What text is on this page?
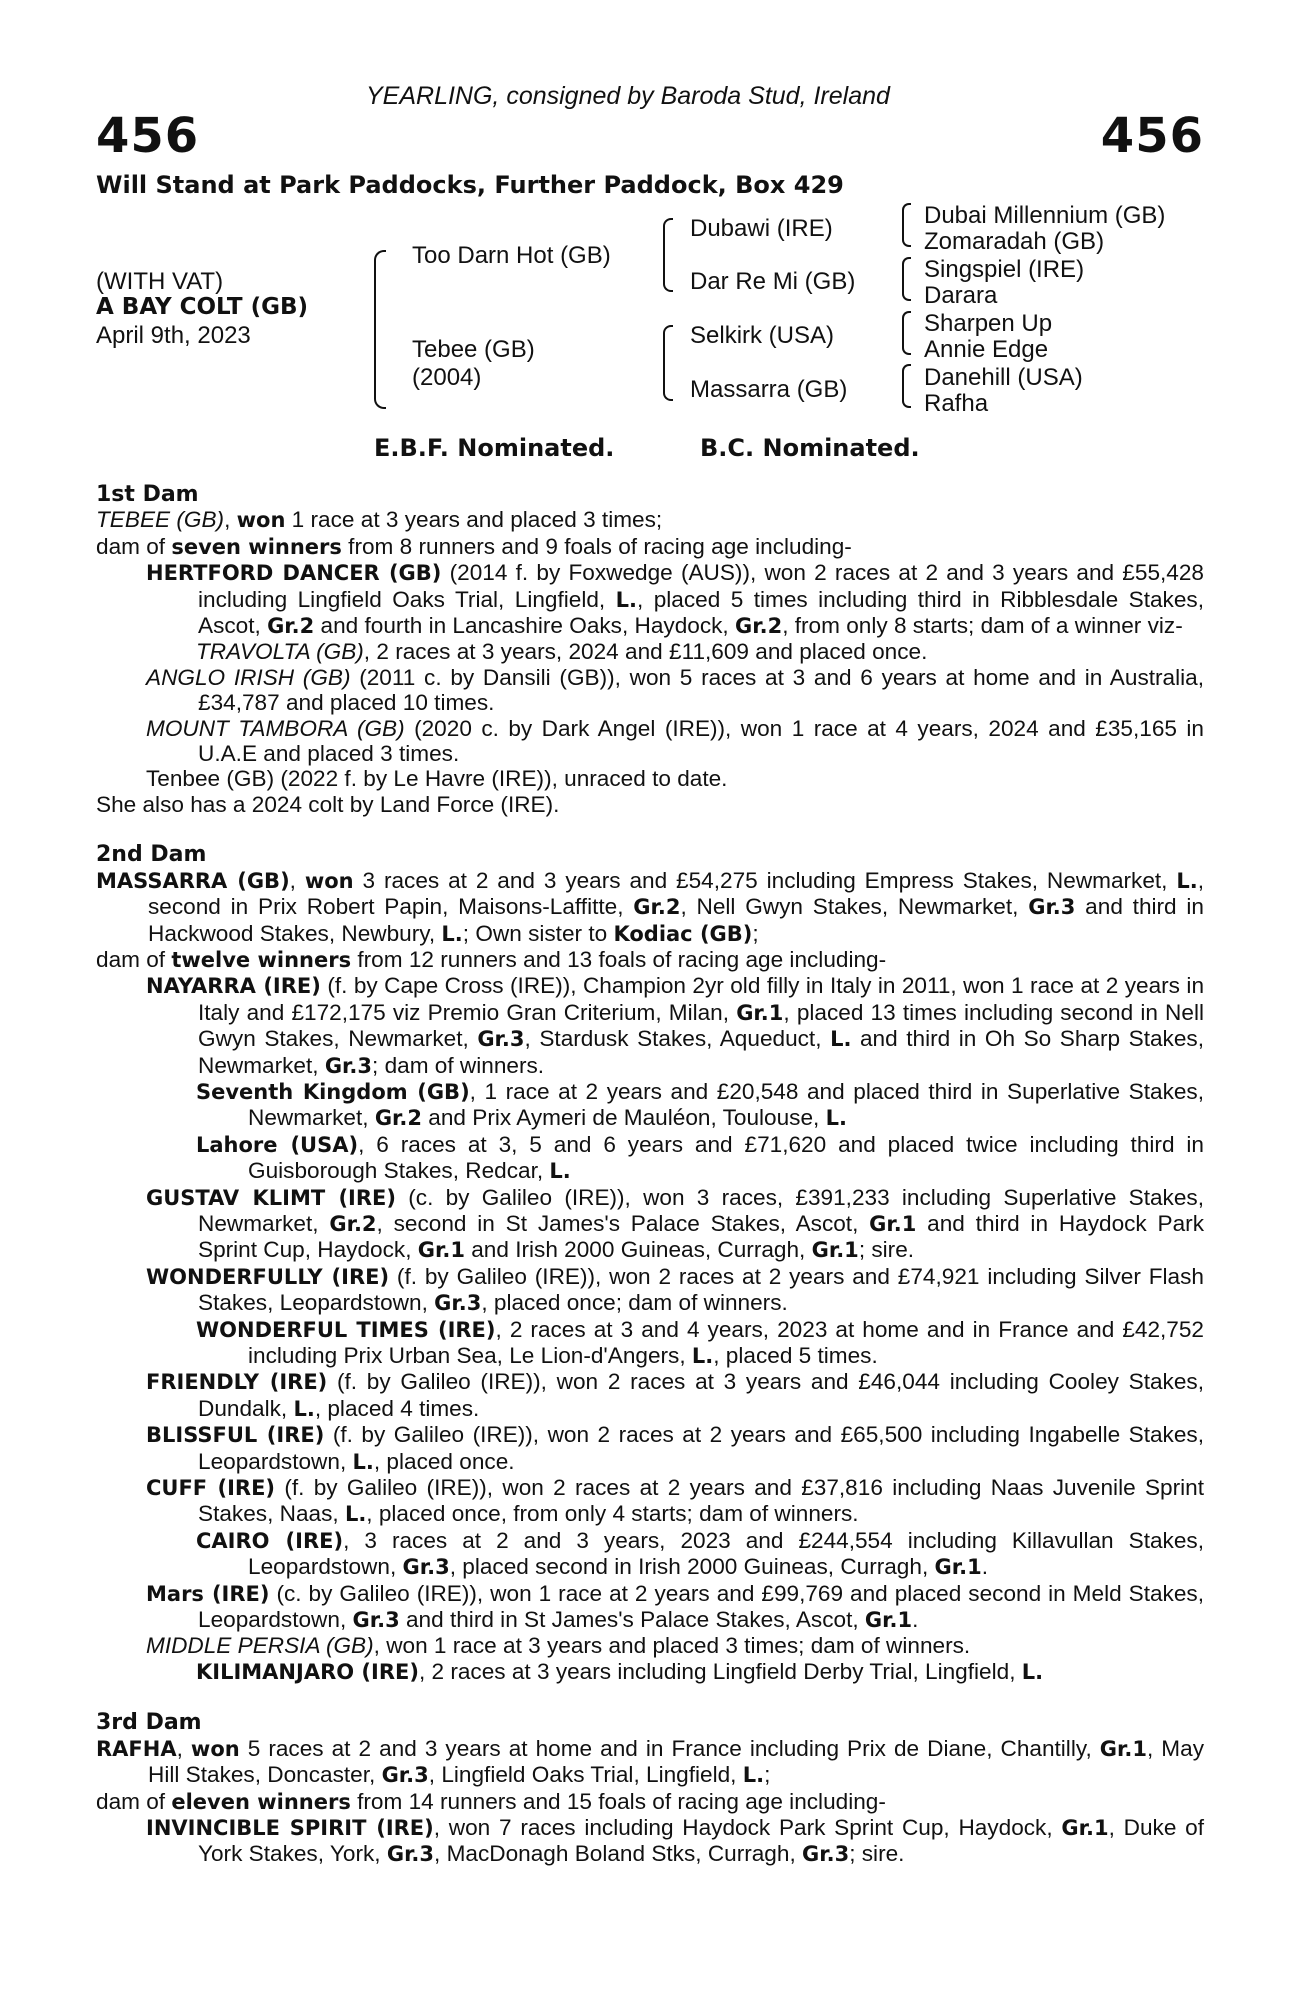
YEARLING, consigned by Baroda Stud, Ireland
456	456
Will Stand at Park Paddocks, Further Paddock, Box 429
(WITH VAT)
A BAY COLT (GB)
April 9th, 2023
Too Darn Hot (GB)
Tebee (GB)
(2004)
Dubawi (IRE)
Dar Re Mi (GB)
Selkirk (USA)
Massarra (GB)
Dubai Millennium (GB)
Zomaradah (GB)
Singspiel (IRE)
Darara
Sharpen Up
Annie Edge
Danehill (USA)
Rafha
E.B.F. Nominated.	B.C. Nominated.

1st Dam

TEBEE (GB), won 1 race at 3 years and placed 3 times;

dam of seven winners from 8 runners and 9 foals of racing age including-

HERTFORD DANCER (GB) (2014 f. by Foxwedge (AUS)), won 2 races at 2 and 3 years and £55,428 including Lingfield Oaks Trial, Lingfield, L., placed 5 times including third in Ribblesdale Stakes, Ascot, Gr.2 and fourth in Lancashire Oaks, Haydock, Gr.2, from only 8 starts; dam of a winner viz-

TRAVOLTA (GB), 2 races at 3 years, 2024 and £11,609 and placed once.

ANGLO IRISH (GB) (2011 c. by Dansili (GB)), won 5 races at 3 and 6 years at home and in Australia, £34,787 and placed 10 times.

MOUNT TAMBORA (GB) (2020 c. by Dark Angel (IRE)), won 1 race at 4 years, 2024 and £35,165 in U.A.E and placed 3 times.

Tenbee (GB) (2022 f. by Le Havre (IRE)), unraced to date.

She also has a 2024 colt by Land Force (IRE).

2nd Dam

MASSARRA (GB), won 3 races at 2 and 3 years and £54,275 including Empress Stakes, Newmarket, L., second in Prix Robert Papin, Maisons-Laffitte, Gr.2, Nell Gwyn Stakes, Newmarket, Gr.3 and third in Hackwood Stakes, Newbury, L.; Own sister to Kodiac (GB);

dam of twelve winners from 12 runners and 13 foals of racing age including-

NAYARRA (IRE) (f. by Cape Cross (IRE)), Champion 2yr old filly in Italy in 2011, won 1 race at 2 years in Italy and £172,175 viz Premio Gran Criterium, Milan, Gr.1, placed 13 times including second in Nell Gwyn Stakes, Newmarket, Gr.3, Stardusk Stakes, Aqueduct, L. and third in Oh So Sharp Stakes, Newmarket, Gr.3; dam of winners.

Seventh Kingdom (GB), 1 race at 2 years and £20,548 and placed third in Superlative Stakes, Newmarket, Gr.2 and Prix Aymeri de Mauléon, Toulouse, L.

Lahore (USA), 6 races at 3, 5 and 6 years and £71,620 and placed twice including third in Guisborough Stakes, Redcar, L.

GUSTAV KLIMT (IRE) (c. by Galileo (IRE)), won 3 races, £391,233 including Superlative Stakes, Newmarket, Gr.2, second in St James's Palace Stakes, Ascot, Gr.1 and third in Haydock Park Sprint Cup, Haydock, Gr.1 and Irish 2000 Guineas, Curragh, Gr.1; sire.

WONDERFULLY (IRE) (f. by Galileo (IRE)), won 2 races at 2 years and £74,921 including Silver Flash Stakes, Leopardstown, Gr.3, placed once; dam of winners.

WONDERFUL TIMES (IRE), 2 races at 3 and 4 years, 2023 at home and in France and £42,752 including Prix Urban Sea, Le Lion-d'Angers, L., placed 5 times.

FRIENDLY (IRE) (f. by Galileo (IRE)), won 2 races at 3 years and £46,044 including Cooley Stakes, Dundalk, L., placed 4 times.

BLISSFUL (IRE) (f. by Galileo (IRE)), won 2 races at 2 years and £65,500 including Ingabelle Stakes, Leopardstown, L., placed once.

CUFF (IRE) (f. by Galileo (IRE)), won 2 races at 2 years and £37,816 including Naas Juvenile Sprint Stakes, Naas, L., placed once, from only 4 starts; dam of winners.

CAIRO (IRE), 3 races at 2 and 3 years, 2023 and £244,554 including Killavullan Stakes, Leopardstown, Gr.3, placed second in Irish 2000 Guineas, Curragh, Gr.1.

Mars (IRE) (c. by Galileo (IRE)), won 1 race at 2 years and £99,769 and placed second in Meld Stakes, Leopardstown, Gr.3 and third in St James's Palace Stakes, Ascot, Gr.1.

MIDDLE PERSIA (GB), won 1 race at 3 years and placed 3 times; dam of winners.

KILIMANJARO (IRE), 2 races at 3 years including Lingfield Derby Trial, Lingfield, L.

3rd Dam

RAFHA, won 5 races at 2 and 3 years at home and in France including Prix de Diane, Chantilly, Gr.1, May Hill Stakes, Doncaster, Gr.3, Lingfield Oaks Trial, Lingfield, L.;

dam of eleven winners from 14 runners and 15 foals of racing age including-

INVINCIBLE SPIRIT (IRE), won 7 races including Haydock Park Sprint Cup, Haydock, Gr.1, Duke of York Stakes, York, Gr.3, MacDonagh Boland Stks, Curragh, Gr.3; sire.
